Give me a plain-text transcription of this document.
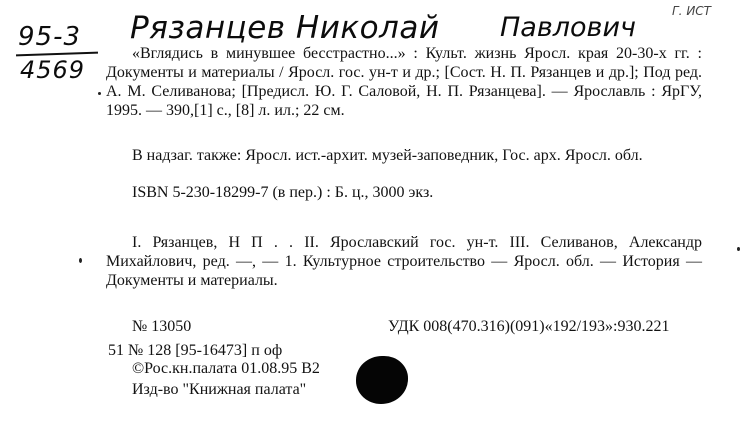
95-3
4569
Рязанцев Николай Павлович
Г. ИСТ
«Вглядись в минувшее бесстрастно...» : Культ. жизнь Яросл. края 20-30-х гг. : Документы и материалы / Яросл. гос. ун-т и др.; [Сост. Н. П. Рязанцев и др.]; Под ред. А. М. Селиванова; [Предисл. Ю. Г. Саловой, Н. П. Рязанцева]. — Ярославль : ЯрГУ, 1995. — 390,[1] с., [8] л. ил.; 22 см.
В надзаг. также: Яросл. ист.-архит. музей-заповедник, Гос. арх. Яросл. обл.
ISBN 5-230-18299-7 (в пер.) : Б. ц., 3000 экз.
I. Рязанцев, Н П . . II. Ярославский гос. ун-т. III. Селиванов, Александр Михайлович, ред. —, — 1. Культурное строительство — Яросл. обл. — История — Документы и материалы.
№ 13050	УДК 008(470.316)(091)«192/193»:930.221
51 № 128 [95-16473] п оф
©Рос.кн.палата 01.08.95 В2
Изд-во "Книжная палата"
